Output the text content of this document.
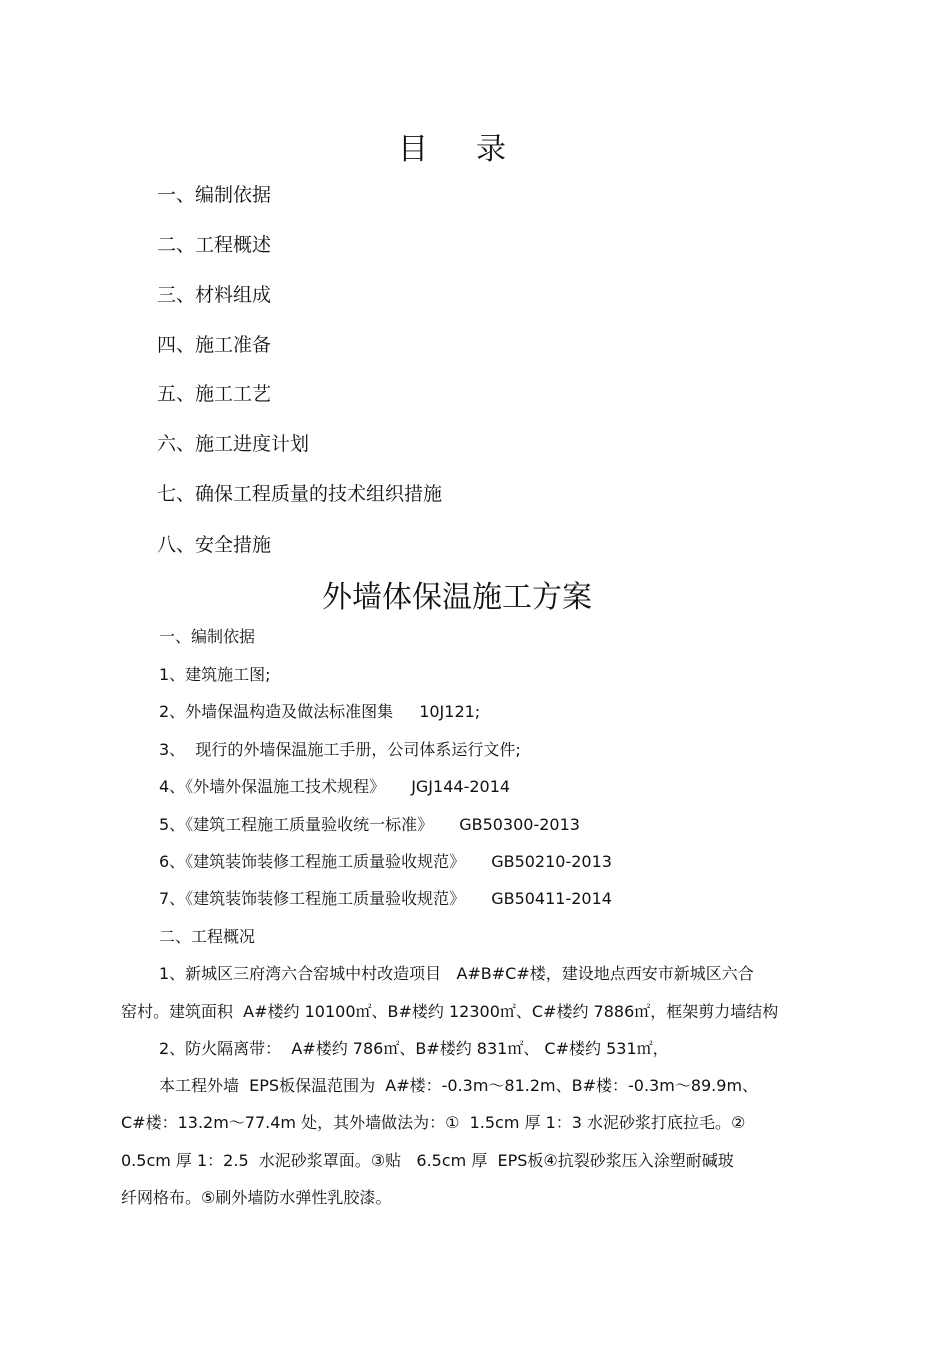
目录
一、编制依据
二、工程概述
三、材料组成
四、施工准备
五、施工工艺
六、施工进度计划
七、确保工程质量的技术组织措施
八、安全措施
外墙体保温施工方案
一、编制依据
1、建筑施工图;
2、外墙保温构造及做法标准图集 10J121;
3、  现行的外墙保温施工手册，公司体系运行文件;
4、《外墙外保温施工技术规程》 JGJ144-2014
5、《建筑工程施工质量验收统一标准》 GB50300-2013
6、《建筑装饰装修工程施工质量验收规范》 GB50210-2013
7、《建筑装饰装修工程施工质量验收规范》 GB50411-2014
二、工程概况
1、新城区三府湾六合窑城中村改造项目   A#B#C#楼，建设地点西安市新城区六合
窑村。建筑面积  A#楼约 10100㎡、B#楼约 12300㎡、C#楼约 7886㎡，框架剪力墙结构
2、防火隔离带：  A#楼约 786㎡、B#楼约 831㎡、 C#楼约 531㎡，
本工程外墙  EPS板保温范围为  A#楼：-0.3m～81.2m、B#楼：-0.3m～89.9m、
C#楼：13.2m～77.4m 处，其外墙做法为：①  1.5cm 厚 1：3 水泥砂浆打底拉毛。②
0.5cm 厚 1：2.5  水泥砂浆罩面。③贴   6.5cm 厚  EPS板④抗裂砂浆压入涂塑耐碱玻
纤网格布。⑤刷外墙防水弹性乳胶漆。
